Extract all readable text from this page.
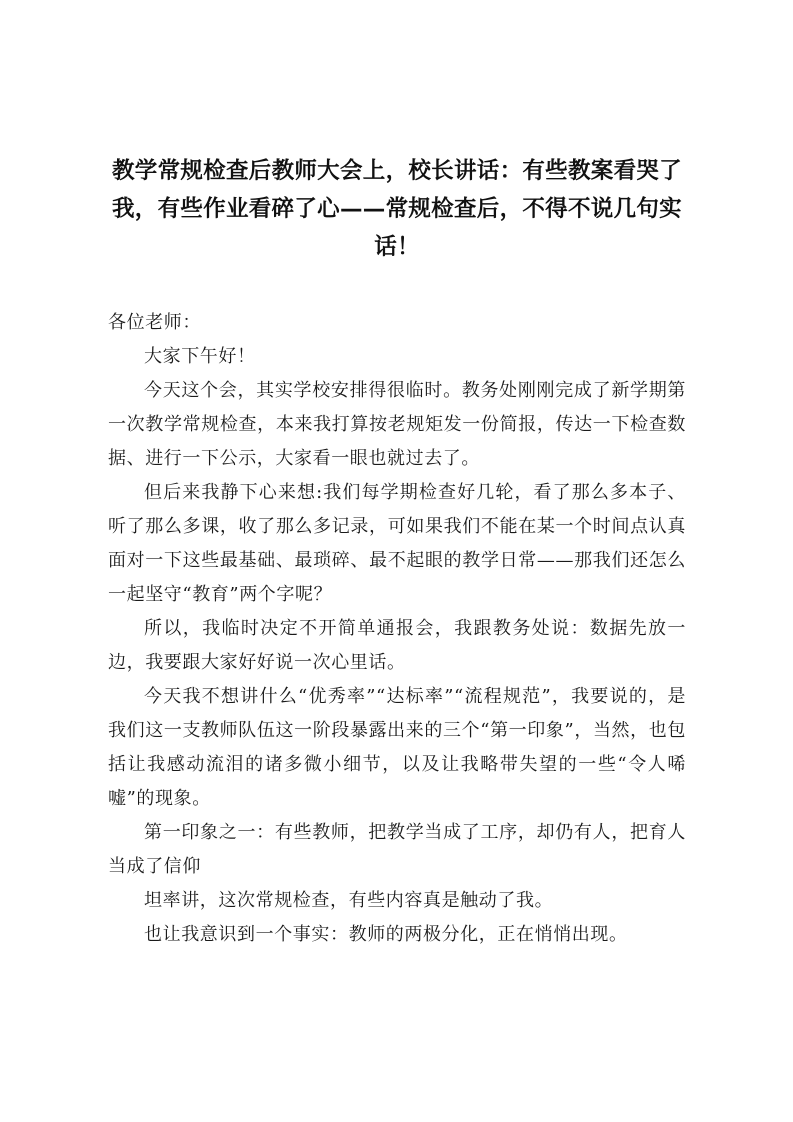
教学常规检查后教师大会上，校长讲话：有些教案看哭了我，有些作业看碎了心——常规检查后，不得不说几句实话！

各位老师：

大家下午好！

今天这个会，其实学校安排得很临时。教务处刚刚完成了新学期第一次教学常规检查，本来我打算按老规矩发一份简报，传达一下检查数据、进行一下公示，大家看一眼也就过去了。

但后来我静下心来想:我们每学期检查好几轮，看了那么多本子、听了那么多课，收了那么多记录，可如果我们不能在某一个时间点认真面对一下这些最基础、最琐碎、最不起眼的教学日常——那我们还怎么一起坚守“教育”两个字呢？

所以，我临时决定不开简单通报会，我跟教务处说：数据先放一边，我要跟大家好好说一次心里话。

今天我不想讲什么“优秀率”“达标率”“流程规范”，我要说的，是我们这一支教师队伍这一阶段暴露出来的三个“第一印象”，当然，也包括让我感动流泪的诸多微小细节，以及让我略带失望的一些“令人唏嘘”的现象。

第一印象之一：有些教师，把教学当成了工序，却仍有人，把育人当成了信仰

坦率讲，这次常规检查，有些内容真是触动了我。

也让我意识到一个事实：教师的两极分化，正在悄悄出现。
